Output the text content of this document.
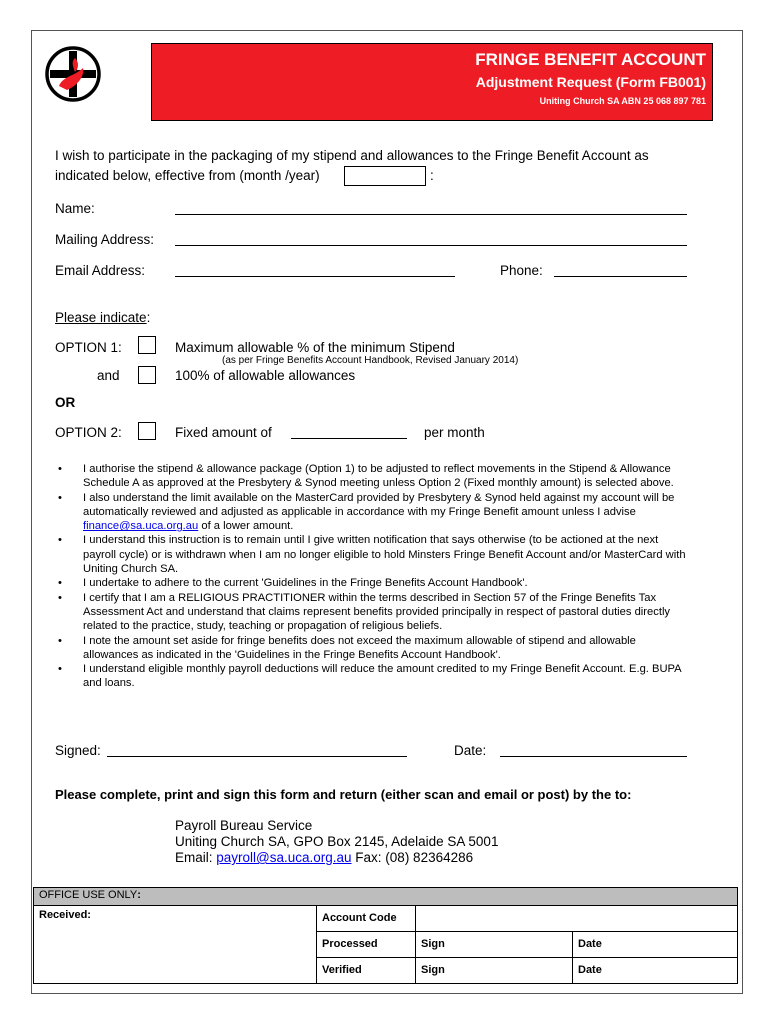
FRINGE BENEFIT ACCOUNT
Adjustment Request (Form FB001)
Uniting Church SA ABN 25 068 897 781
I wish to participate in the packaging of my stipend and allowances to the Fringe Benefit Account as
indicated below, effective from (month /year)	:
Name:
Mailing Address:
Email Address:	Phone:
Please indicate:
OPTION 1:	Maximum allowable % of the minimum Stipend
(as per Fringe Benefits Account Handbook, Revised January 2014)
and	100% of allowable allowances
OR
OPTION 2:	Fixed amount of	per month
• I authorise the stipend & allowance package (Option 1) to be adjusted to reflect movements in the Stipend & Allowance Schedule A as approved at the Presbytery & Synod meeting unless Option 2 (Fixed monthly amount) is selected above.
• I also understand the limit available on the MasterCard provided by Presbytery & Synod held against my account will be automatically reviewed and adjusted as applicable in accordance with my Fringe Benefit amount unless I advise finance@sa.uca.org.au of a lower amount.
• I understand this instruction is to remain until I give written notification that says otherwise (to be actioned at the next payroll cycle) or is withdrawn when I am no longer eligible to hold Minsters Fringe Benefit Account and/or MasterCard with Uniting Church SA.
• I undertake to adhere to the current 'Guidelines in the Fringe Benefits Account Handbook'.
• I certify that I am a RELIGIOUS PRACTITIONER within the terms described in Section 57 of the Fringe Benefits Tax Assessment Act and understand that claims represent benefits provided principally in respect of pastoral duties directly related to the practice, study, teaching or propagation of religious beliefs.
• I note the amount set aside for fringe benefits does not exceed the maximum allowable of stipend and allowable allowances as indicated in the 'Guidelines in the Fringe Benefits Account Handbook'.
• I understand eligible monthly payroll deductions will reduce the amount credited to my Fringe Benefit Account. E.g. BUPA and loans.
Signed:	Date:
Please complete, print and sign this form and return (either scan and email or post) by the to:
Payroll Bureau Service
Uniting Church SA, GPO Box 2145, Adelaide SA 5001
Email: payroll@sa.uca.org.au Fax: (08) 82364286
OFFICE USE ONLY:			
Received:	Account Code		
	Processed	Sign	Date
	Verified	Sign	Date
